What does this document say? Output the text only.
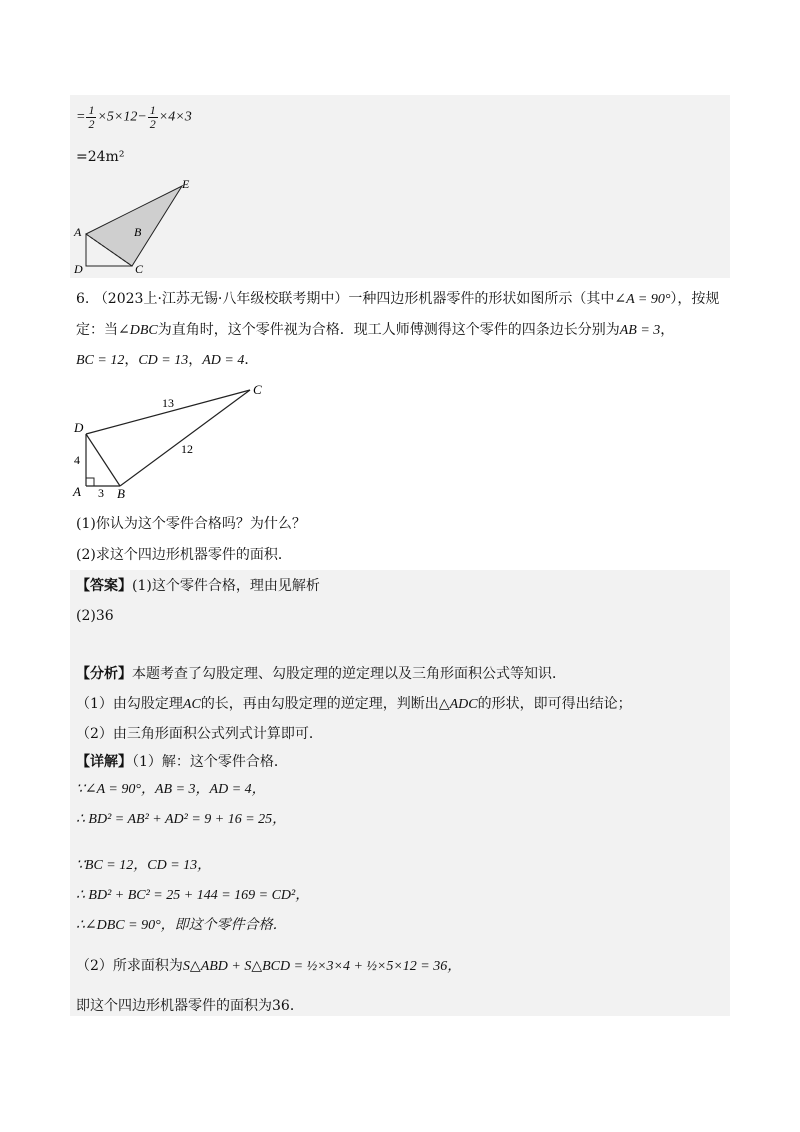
= $\frac{1}{2} \times 5\times 12- \frac{1}{2} \times 4\times 3$
=24m²
E
A	B
D	C
6. （2023上·江苏无锡·八年级校联考期中）一种四边形机器零件的形状如图所示（其中∠A = 90°），按规
定：当∠DBC为直角时，这个零件视为合格．现工人师傅测得这个零件的四条边长分别为AB = 3，
BC = 12，CD = 13，AD = 4．
D
C
A	B
13
12
4
3
(1)你认为这个零件合格吗？为什么？
(2)求这个四边形机器零件的面积．
【答案】(1)这个零件合格，理由见解析
(2)36
【分析】本题考查了勾股定理、勾股定理的逆定理以及三角形面积公式等知识．
（1）由勾股定理AC的长，再由勾股定理的逆定理，判断出△ADC的形状，即可得出结论；
（2）由三角形面积公式列式计算即可．
【详解】（1）解：这个零件合格．
∵∠A = 90°，AB = 3，AD = 4，
∴ BD² = AB² + AD² = 9 + 16 = 25，
∵BC = 12，CD = 13，
∴ BD² + BC² = 25 + 144 = 169 = CD²，
∴∠DBC = 90°，即这个零件合格．
（2）所求面积为S△ABD + S△BCD = ½×3×4 + ½×5×12 = 36，
即这个四边形机器零件的面积为36．
